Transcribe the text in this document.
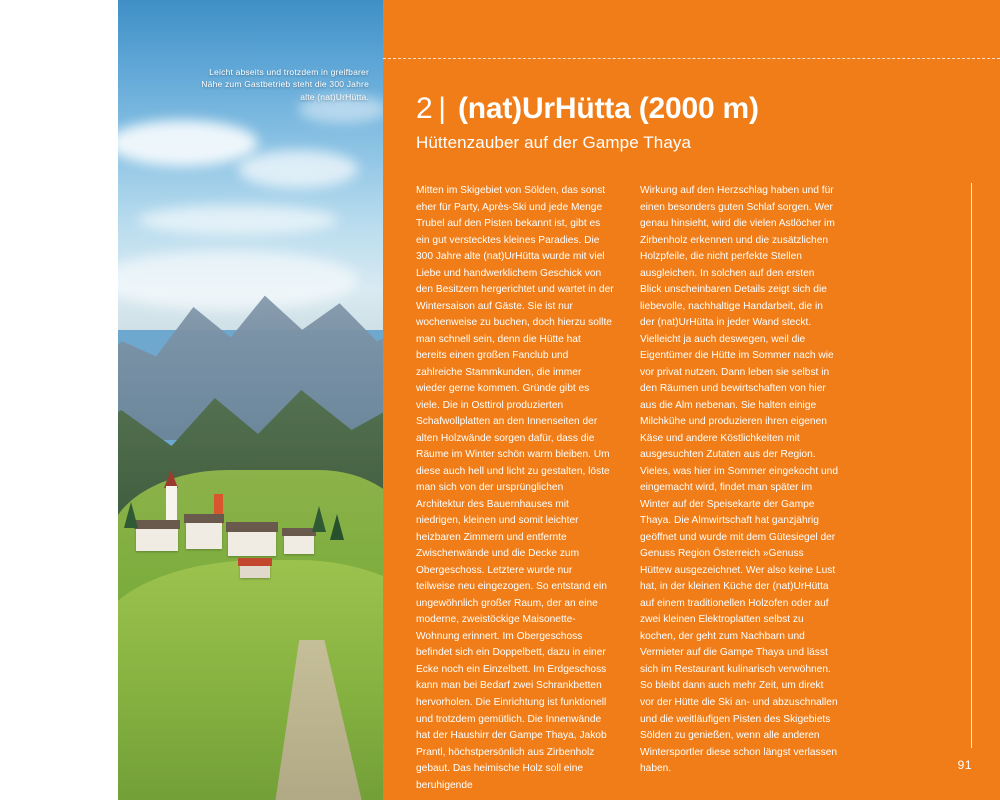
Leicht abseits und trotzdem in greifbarer Nähe zum Gastbetrieb steht die 300 Jahre alte (nat)UrHütta. 2 | (nat)UrHütta (2000 m)
Hüttenzauber auf der Gampe Thaya

Mitten im Skigebiet von Sölden, das sonst eher für Party, Après-Ski und jede Menge Trubel auf den Pisten bekannt ist, gibt es ein gut verstecktes kleines Paradies. Die 300 Jahre alte (nat)UrHütta wurde mit viel Liebe und handwerklichem Geschick von den Besitzern hergerichtet und wartet in der Wintersaison auf Gäste. Sie ist nur wochenweise zu buchen, doch hierzu sollte man schnell sein, denn die Hütte hat bereits einen großen Fanclub und zahlreiche Stammkunden, die immer wieder gerne kommen. Gründe gibt es viele. Die in Osttirol produzierten Schafwollplatten an den Innenseiten der alten Holzwände sorgen dafür, dass die Räume im Winter schön warm bleiben. Um diese auch hell und licht zu gestalten, löste man sich von der ursprünglichen Architektur des Bauernhauses mit niedrigen, kleinen und somit leichter heizbaren Zimmern und entfernte Zwischenwände und die Decke zum Obergeschoss. Letztere wurde nur teilweise neu eingezogen. So entstand ein ungewöhnlich großer Raum, der an eine moderne, zweistöckige Maisonette-Wohnung erinnert. Im Obergeschoss befindet sich ein Doppelbett, dazu in einer Ecke noch ein Einzelbett. Im Erdgeschoss kann man bei Bedarf zwei Schrankbetten hervorholen. Die Einrichtung ist funktionell und trotzdem gemütlich. Die Innenwände hat der Haushirr der Gampe Thaya, Jakob Prantl, höchstpersönlich aus Zirbenholz gebaut. Das heimische Holz soll eine beruhigende

Wirkung auf den Herzschlag haben und für einen besonders guten Schlaf sorgen. Wer genau hinsieht, wird die vielen Astlöcher im Zirbenholz erkennen und die zusätzlichen Holzpfeile, die nicht perfekte Stellen ausgleichen. In solchen auf den ersten Blick unscheinbaren Details zeigt sich die liebevolle, nachhaltige Handarbeit, die in der (nat)UrHütta in jeder Wand steckt. Vielleicht ja auch deswegen, weil die Eigentümer die Hütte im Sommer nach wie vor privat nutzen. Dann leben sie selbst in den Räumen und bewirtschaften von hier aus die Alm nebenan. Sie halten einige Milchkühe und produzieren ihren eigenen Käse und andere Köstlichkeiten mit ausgesuchten Zutaten aus der Region. Vieles, was hier im Sommer eingekocht und eingemacht wird, findet man später im Winter auf der Speisekarte der Gampe Thaya. Die Almwirtschaft hat ganzjährig geöffnet und wurde mit dem Gütesiegel der Genuss Region Österreich »Genuss Hüttew ausgezeichnet. Wer also keine Lust hat, in der kleinen Küche der (nat)UrHütta auf einem traditionellen Holzofen oder auf zwei kleinen Elektroplatten selbst zu kochen, der geht zum Nachbarn und Vermieter auf die Gampe Thaya und lässt sich im Restaurant kulinarisch verwöhnen. So bleibt dann auch mehr Zeit, um direkt vor der Hütte die Ski an- und abzuschnallen und die weitläufigen Pisten des Skigebiets Sölden zu genießen, wenn alle anderen Wintersportler diese schon längst verlassen haben.	91
